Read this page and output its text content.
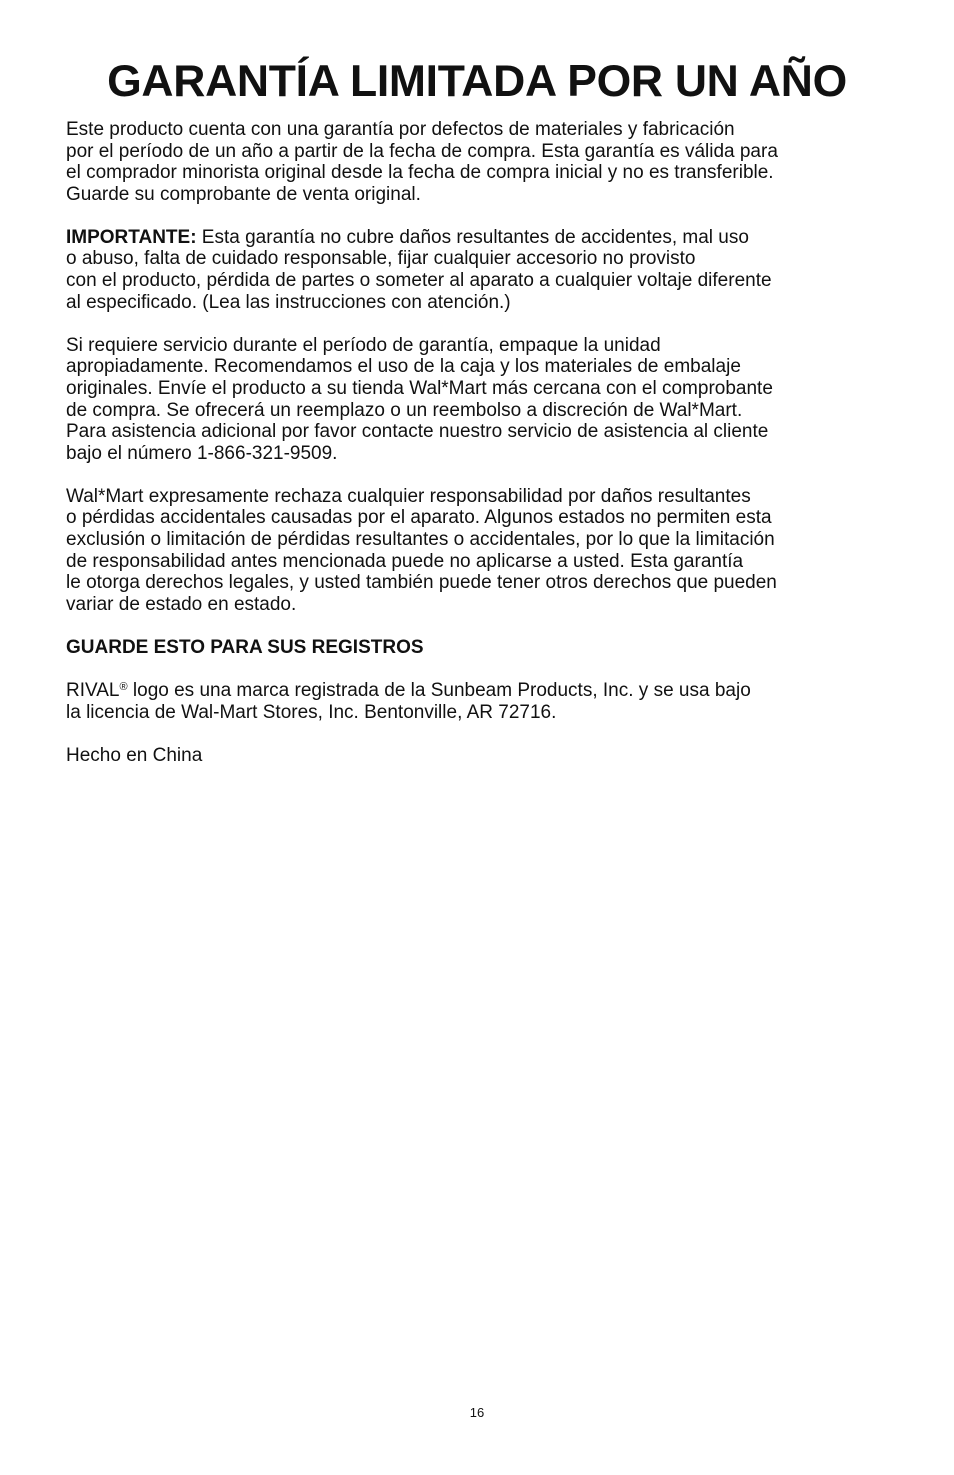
GARANTÍA LIMITADA POR UN AÑO

Este producto cuenta con una garantía por defectos de materiales y fabricación
por el período de un año a partir de la fecha de compra. Esta garantía es válida para
el comprador minorista original desde la fecha de compra inicial y no es transferible.
Guarde su comprobante de venta original.

IMPORTANTE: Esta garantía no cubre daños resultantes de accidentes, mal uso
o abuso, falta de cuidado responsable, fijar cualquier accesorio no provisto
con el producto, pérdida de partes o someter al aparato a cualquier voltaje diferente
al especificado. (Lea las instrucciones con atención.)

Si requiere servicio durante el período de garantía, empaque la unidad
apropiadamente. Recomendamos el uso de la caja y los materiales de embalaje
originales. Envíe el producto a su tienda Wal*Mart más cercana con el comprobante
de compra. Se ofrecerá un reemplazo o un reembolso a discreción de Wal*Mart.
Para asistencia adicional por favor contacte nuestro servicio de asistencia al cliente
bajo el número 1-866-321-9509.

Wal*Mart expresamente rechaza cualquier responsabilidad por daños resultantes
o pérdidas accidentales causadas por el aparato. Algunos estados no permiten esta
exclusión o limitación de pérdidas resultantes o accidentales, por lo que la limitación
de responsabilidad antes mencionada puede no aplicarse a usted. Esta garantía
le otorga derechos legales, y usted también puede tener otros derechos que pueden
variar de estado en estado.

GUARDE ESTO PARA SUS REGISTROS

RIVAL® logo es una marca registrada de la Sunbeam Products, Inc. y se usa bajo
la licencia de Wal-Mart Stores, Inc. Bentonville, AR 72716.

Hecho en China

16
